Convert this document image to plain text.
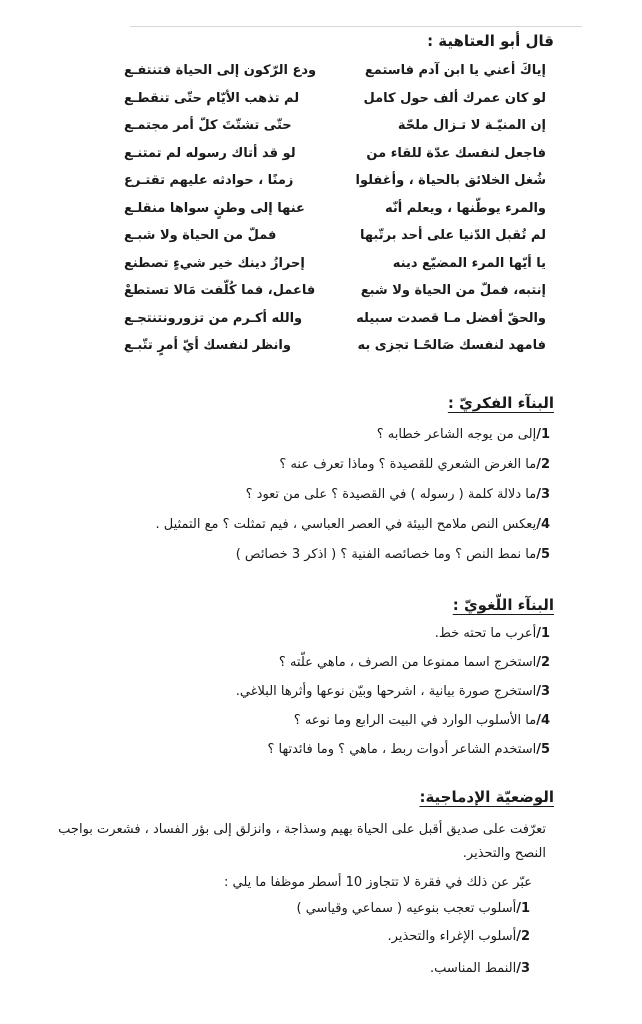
قال أبو العتاهية :
إياكَ أعني يا ابن آدم فاستمع
ودع الرّكون إلى الحياة فتنتفـع
لو كان عمرك ألف حول كامل
لم تذهب الأيّام حتّى تنقطـع
إن المنيّـة لا تـزال ملحّة
حتّى تشتّتَ كلّ أمر مجتمـع
فاجعل لنفسك عدّة للقاء من
لو قد أتاك رسوله لم تمتنـع
شُغل الخلائق بالحياة ، وأغفلوا
زمنًا ، حوادثه عليهم تقتـرع
والمرء يوطّنها ، ويعلم أنّه
عنها إلى وطنٍ سواها منقلـع
لم تُقبل الدّنيا على أحد برتّبها
فملّ من الحياة ولا شبـع
يا أيّها المرء المضيّع دينه
إحرازُ دينك خير شيءٍ تصطنع
إنتبه، فملّ من الحياة ولا شبع
فاعمل، فما كُلّفت مَالا تستطعْ
والحقّ أفضل مـا قصدت سبيله
والله أكـرم من تزورونتنتجـع
فامهد لنفسك صَالحًـا تجزى به
وانظر لنفسك أيّ أمرٍ تتّبـع
البنآء الفكريّ :
1/إلى من يوجه الشاعر خطابه ؟
2/ما الغرض الشعري للقصيدة ؟ وماذا تعرف عنه ؟
3/ما دلالة كلمة ( رسوله ) في القصيدة ؟ على من تعود ؟
4/يعكس النص ملامح البيئة في العصر العباسي ، فيم تمثلت ؟ مع التمثيل .
5/ما نمط النص ؟ وما خصائصه الفنية ؟ ( اذكر 3 خصائص )
البنآء اللّغويّ :
1/أعرب ما تحته خط.
2/استخرج اسما ممنوعا من الصرف ، ماهي علّته ؟
3/استخرج صورة بيانية ، اشرحها وبيّن نوعها وأثرها البلاغي.
4/ما الأسلوب الوارد في البيت الرابع وما نوعه ؟
5/استخدم الشاعر أدوات ربط ، ماهي ؟ وما فائدتها ؟
الوضعيّة الإدماجية:
تعرّفت على صديق أقبل على الحياة بهيم وسذاجة ، وانزلق إلى بؤر الفساد ، فشعرت بواجب النصح والتحذير.
عبّر عن ذلك في فقرة لا تتجاوز 10 أسطر موظفا ما يلي :
1/أسلوب تعجب بنوعيه ( سماعي وقياسي )
2/أسلوب الإغراء والتحذير.
3/النمط المناسب.
